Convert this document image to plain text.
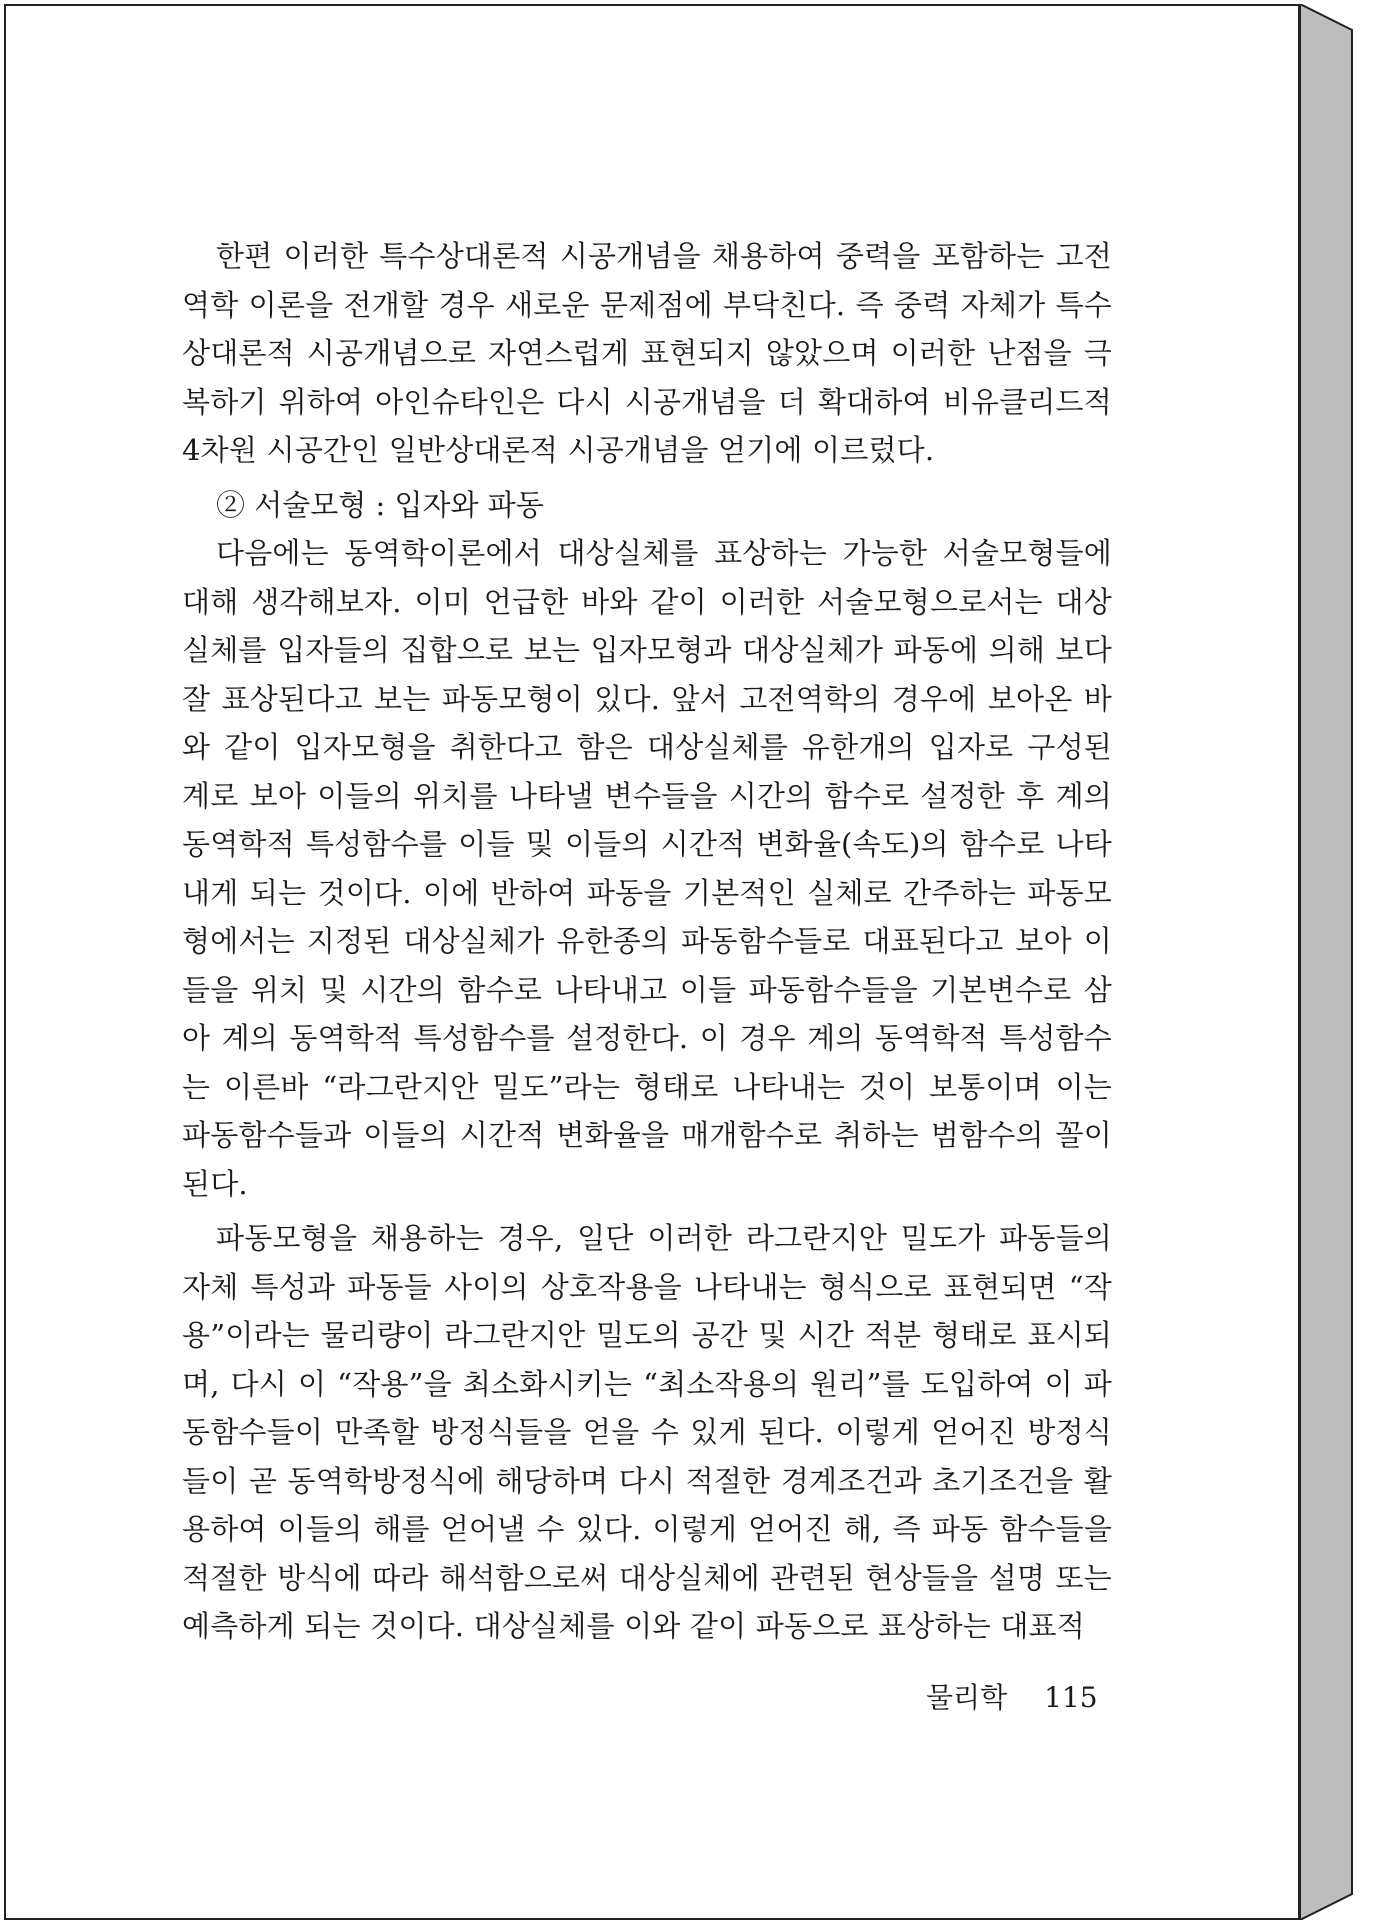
한편 이러한 특수상대론적 시공개념을 채용하여 중력을 포함하는 고전역학 이론을 전개할 경우 새로운 문제점에 부닥친다. 즉 중력 자체가 특수상대론적 시공개념으로 자연스럽게 표현되지 않았으며 이러한 난점을 극복하기 위하여 아인슈타인은 다시 시공개념을 더 확대하여 비유클리드적 4차원 시공간인 일반상대론적 시공개념을 얻기에 이르렀다.

② 서술모형 : 입자와 파동

다음에는 동역학이론에서 대상실체를 표상하는 가능한 서술모형들에 대해 생각해보자. 이미 언급한 바와 같이 이러한 서술모형으로서는 대상실체를 입자들의 집합으로 보는 입자모형과 대상실체가 파동에 의해 보다 잘 표상된다고 보는 파동모형이 있다. 앞서 고전역학의 경우에 보아온 바와 같이 입자모형을 취한다고 함은 대상실체를 유한개의 입자로 구성된 계로 보아 이들의 위치를 나타낼 변수들을 시간의 함수로 설정한 후 계의 동역학적 특성함수를 이들 및 이들의 시간적 변화율(속도)의 함수로 나타내게 되는 것이다. 이에 반하여 파동을 기본적인 실체로 간주하는 파동모형에서는 지정된 대상실체가 유한종의 파동함수들로 대표된다고 보아 이들을 위치 및 시간의 함수로 나타내고 이들 파동함수들을 기본변수로 삼아 계의 동역학적 특성함수를 설정한다. 이 경우 계의 동역학적 특성함수는 이른바 “라그란지안 밀도”라는 형태로 나타내는 것이 보통이며 이는 파동함수들과 이들의 시간적 변화율을 매개함수로 취하는 범함수의 꼴이 된다.

파동모형을 채용하는 경우, 일단 이러한 라그란지안 밀도가 파동들의 자체 특성과 파동들 사이의 상호작용을 나타내는 형식으로 표현되면 “작용”이라는 물리량이 라그란지안 밀도의 공간 및 시간 적분 형태로 표시되며, 다시 이 “작용”을 최소화시키는 “최소작용의 원리”를 도입하여 이 파동함수들이 만족할 방정식들을 얻을 수 있게 된다. 이렇게 얻어진 방정식들이 곧 동역학방정식에 해당하며 다시 적절한 경계조건과 초기조건을 활용하여 이들의 해를 얻어낼 수 있다. 이렇게 얻어진 해, 즉 파동 함수들을 적절한 방식에 따라 해석함으로써 대상실체에 관련된 현상들을 설명 또는 예측하게 되는 것이다. 대상실체를 이와 같이 파동으로 표상하는 대표적

물리학 115
